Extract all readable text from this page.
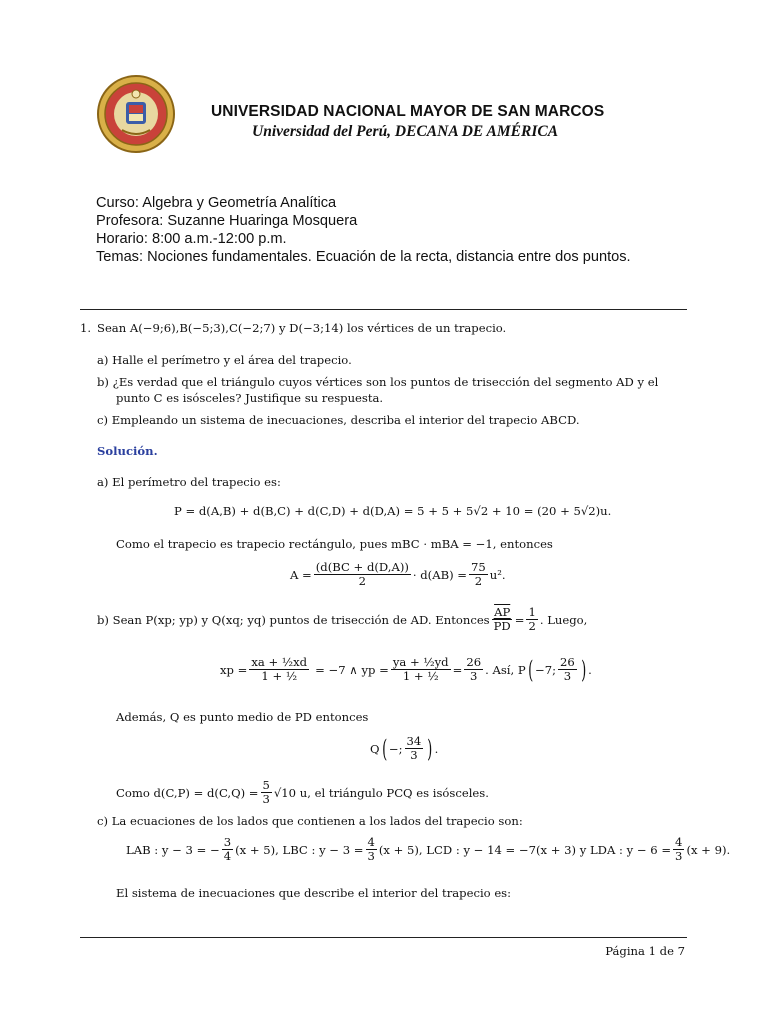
UNIVERSIDAD NACIONAL MAYOR DE SAN MARCOS
Universidad del Perú, DECANA DE AMÉRICA
Curso: Algebra y Geometría Analítica
Profesora: Suzanne Huaringa Mosquera
Horario: 8:00 a.m.-12:00 p.m.
Temas: Nociones fundamentales. Ecuación de la recta, distancia entre dos puntos.
1. Sean A(−9;6),B(−5;3),C(−2;7) y D(−3;14) los vértices de un trapecio.
a) Halle el perímetro y el área del trapecio.
b) ¿Es verdad que el triángulo cuyos vértices son los puntos de trisección del segmento AD y el
punto C es isósceles? Justifique su respuesta.
c) Empleando un sistema de inecuaciones, describa el interior del trapecio ABCD.
Solución.
a) El perímetro del trapecio es:
P = d(A,B) + d(B,C) + d(C,D) + d(D,A) = 5 + 5 + 5√2 + 10 = (20 + 5√2)u.
Como el trapecio es trapecio rectángulo, pues mBC · mBA = −1, entonces
$A = \frac{(d(BC + d(D,A))}{2} \cdot d(AB) = \frac{75}{2} u^2$.
b) Sean P(xp; yp) y Q(xq; yq) puntos de trisección de AD. Entonces $\frac{\overline{AP}}{PD} = \frac{1}{2}$ . Luego,
xp = $\frac{\text{xa + ½xd}}{\text{1 + ½}} = -7$ ∧ yp = $\frac{\text{ya + ½yd}}{\text{1 + ½}} = \frac{26}{3}$ . Así, P ( −7; $\frac{26}{3}$ ) .
Además, Q es punto medio de PD entonces
Q ( −; $\frac{34}{3}$ ) .
Como $d(C,P) = d(C,Q) = \frac{5}{3} √10$ u, el triángulo PCQ es isósceles.
c) La ecuaciones de los lados que contienen a los lados del trapecio son:
LAB : y − 3 = − $\frac{3}{4} (x + 5)$, LBC : $y - 3 = \frac{4}{3} (x + 5)$, LCD : y − 14 = −7(x + 3) y LDA : $y - 6 = \frac{4}{3} (x + 9)$.
El sistema de inecuaciones que describe el interior del trapecio es:
Página 1 de 7
